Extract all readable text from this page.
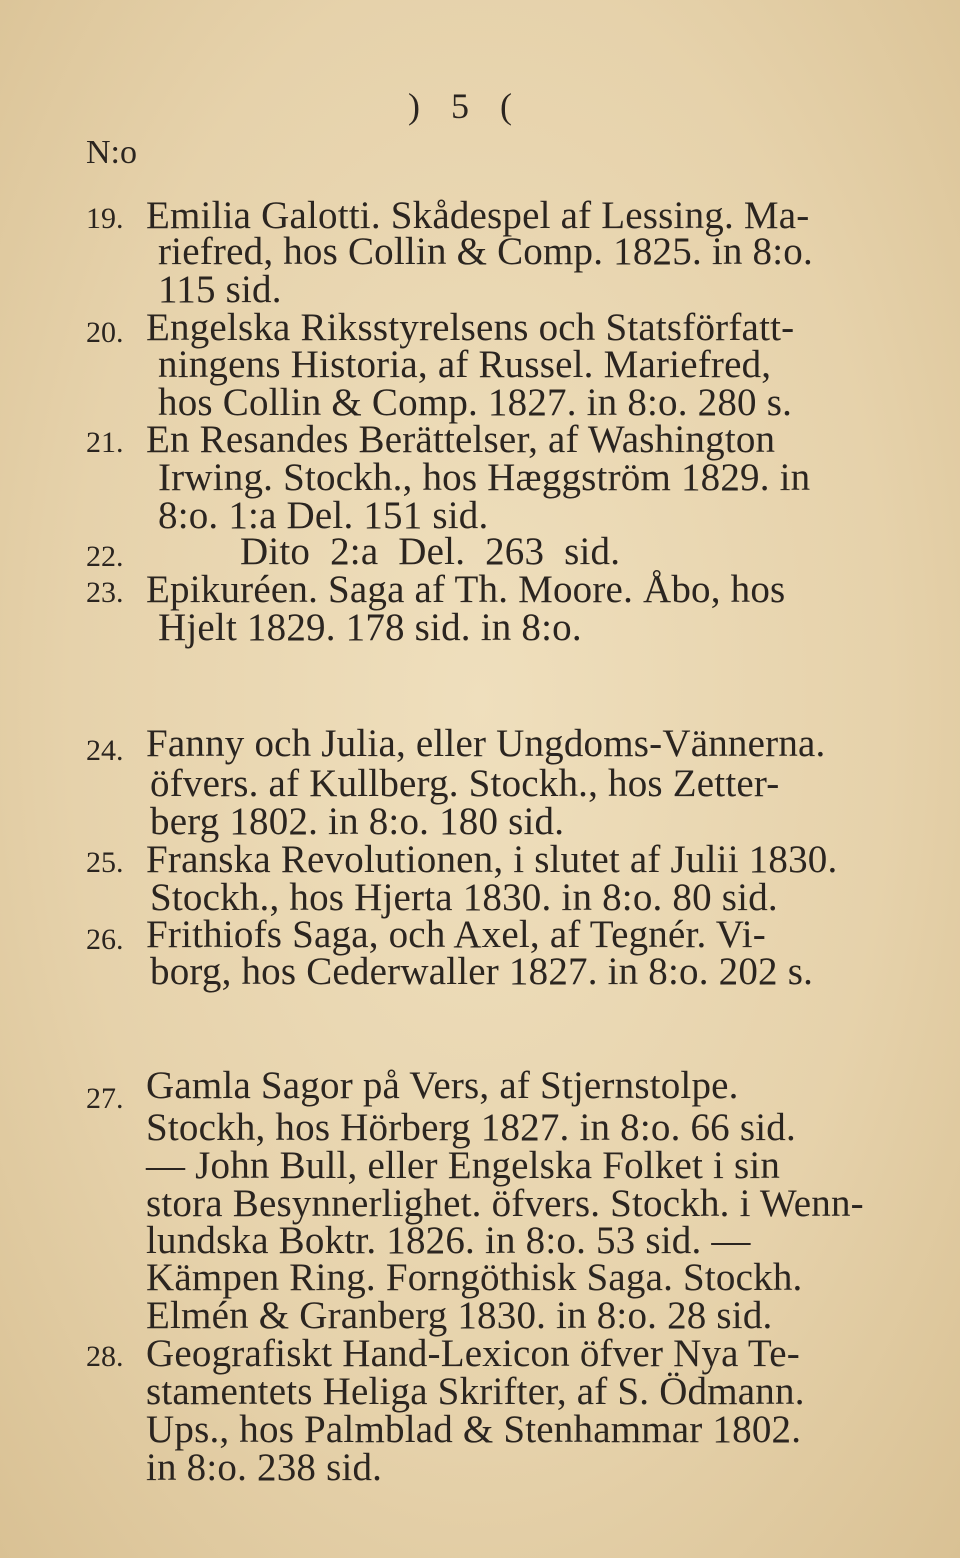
N:o
) 5 (
19. Emilia Galotti. Skådespel af Lessing. Ma-
riefred, hos Collin & Comp. 1825. in 8:o.
115 sid.
20. Engelska Riksstyrelsens och Statsförfatt-
ningens Historia, af Russel. Mariefred,
hos Collin & Comp. 1827. in 8:o. 280 s.
21. En Resandes Berättelser, af Washington
Irwing. Stockh., hos Hæggström 1829. in
8:o. 1:a Del. 151 sid.
22.	Dito 2:a Del. 263 sid.
23. Epikuréen. Saga af Th. Moore. Åbo, hos
Hjelt 1829. 178 sid. in 8:o.
24. Fanny och Julia, eller Ungdoms-Vännerna.
öfvers. af Kullberg. Stockh., hos Zetter-
berg 1802. in 8:o. 180 sid.
25. Franska Revolutionen, i slutet af Julii 1830.
Stockh., hos Hjerta 1830. in 8:o. 80 sid.
26. Frithiofs Saga, och Axel, af Tegnér. Vi-
borg, hos Cederwaller 1827. in 8:o. 202 s.
27. Gamla Sagor på Vers, af Stjernstolpe.
Stockh, hos Hörberg 1827. in 8:o. 66 sid.
— John Bull, eller Engelska Folket i sin
stora Besynnerlighet. öfvers. Stockh. i Wenn-
lundska Boktr. 1826. in 8:o. 53 sid. —
Kämpen Ring. Forngöthisk Saga. Stockh.
Elmén & Granberg 1830. in 8:o. 28 sid.
28. Geografiskt Hand-Lexicon öfver Nya Te-
stamentets Heliga Skrifter, af S. Ödmann.
Ups., hos Palmblad & Stenhammar 1802.
in 8:o. 238 sid.
